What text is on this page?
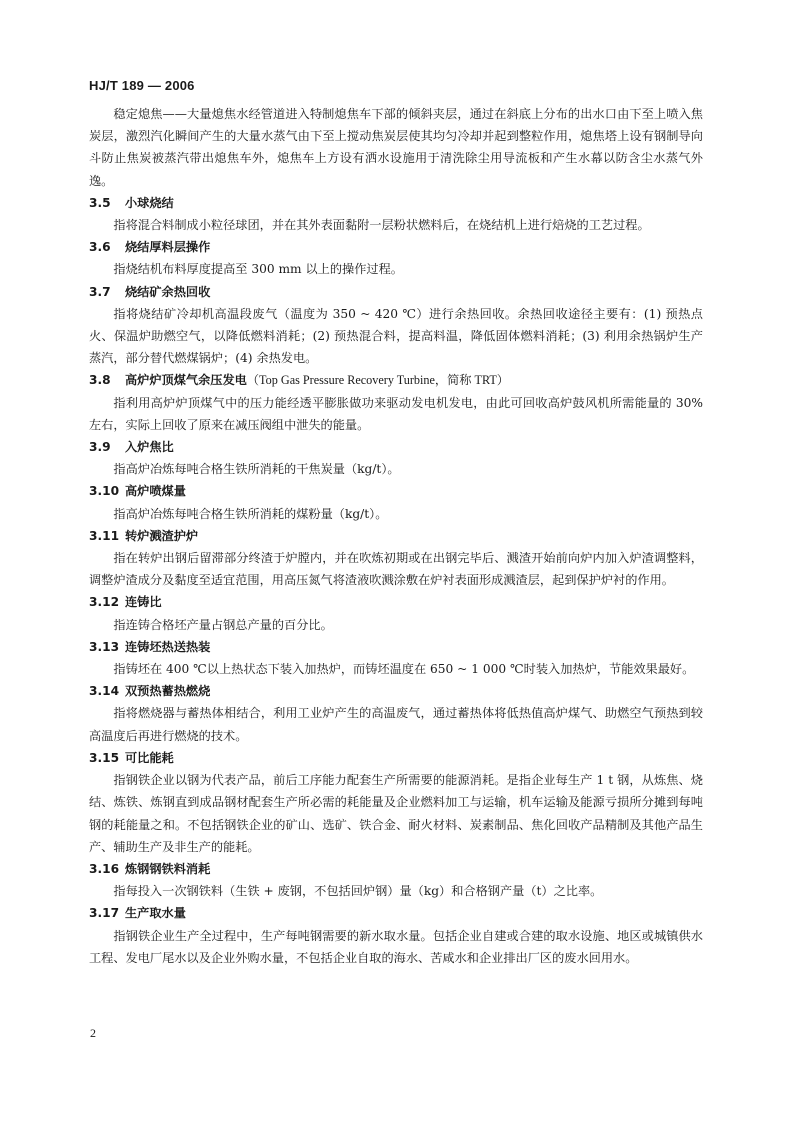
HJ/T 189 — 2006

稳定熄焦——大量熄焦水经管道进入特制熄焦车下部的倾斜夹层，通过在斜底上分布的出水口由下至上喷入焦炭层，激烈汽化瞬间产生的大量水蒸气由下至上搅动焦炭层使其均匀冷却并起到整粒作用，熄焦塔上设有钢制导向斗防止焦炭被蒸汽带出熄焦车外，熄焦车上方设有洒水设施用于清洗除尘用导流板和产生水幕以防含尘水蒸气外逸。

3.5 小球烧结

指将混合料制成小粒径球团，并在其外表面黏附一层粉状燃料后，在烧结机上进行焙烧的工艺过程。

3.6 烧结厚料层操作

指烧结机布料厚度提高至 300 mm 以上的操作过程。

3.7 烧结矿余热回收

指将烧结矿冷却机高温段废气（温度为 350 ~ 420 ℃）进行余热回收。余热回收途径主要有：(1) 预热点火、保温炉助燃空气，以降低燃料消耗；(2) 预热混合料，提高料温，降低固体燃料消耗；(3) 利用余热锅炉生产蒸汽，部分替代燃煤锅炉；(4) 余热发电。

3.8 高炉炉顶煤气余压发电（Top Gas Pressure Recovery Turbine，简称 TRT）

指利用高炉炉顶煤气中的压力能经透平膨胀做功来驱动发电机发电，由此可回收高炉鼓风机所需能量的 30% 左右，实际上回收了原来在减压阀组中泄失的能量。

3.9 入炉焦比

指高炉冶炼每吨合格生铁所消耗的干焦炭量（kg/t）。

3.10 高炉喷煤量

指高炉冶炼每吨合格生铁所消耗的煤粉量（kg/t）。

3.11 转炉溅渣护炉

指在转炉出钢后留滞部分终渣于炉膛内，并在吹炼初期或在出钢完毕后、溅渣开始前向炉内加入炉渣调整料，调整炉渣成分及黏度至适宜范围，用高压氮气将渣液吹溅涂敷在炉衬表面形成溅渣层，起到保护炉衬的作用。

3.12 连铸比

指连铸合格坯产量占钢总产量的百分比。

3.13 连铸坯热送热装

指铸坯在 400 ℃以上热状态下装入加热炉，而铸坯温度在 650 ~ 1 000 ℃时装入加热炉，节能效果最好。

3.14 双预热蓄热燃烧

指将燃烧器与蓄热体相结合，利用工业炉产生的高温废气，通过蓄热体将低热值高炉煤气、助燃空气预热到较高温度后再进行燃烧的技术。

3.15 可比能耗

指钢铁企业以钢为代表产品，前后工序能力配套生产所需要的能源消耗。是指企业每生产 1 t 钢，从炼焦、烧结、炼铁、炼钢直到成品钢材配套生产所必需的耗能量及企业燃料加工与运输，机车运输及能源亏损所分摊到每吨钢的耗能量之和。不包括钢铁企业的矿山、选矿、铁合金、耐火材料、炭素制品、焦化回收产品精制及其他产品生产、辅助生产及非生产的能耗。

3.16 炼钢钢铁料消耗

指每投入一次钢铁料（生铁 + 废钢，不包括回炉钢）量（kg）和合格钢产量（t）之比率。

3.17 生产取水量

指钢铁企业生产全过程中，生产每吨钢需要的新水取水量。包括企业自建或合建的取水设施、地区或城镇供水工程、发电厂尾水以及企业外购水量，不包括企业自取的海水、苦咸水和企业排出厂区的废水回用水。

2
